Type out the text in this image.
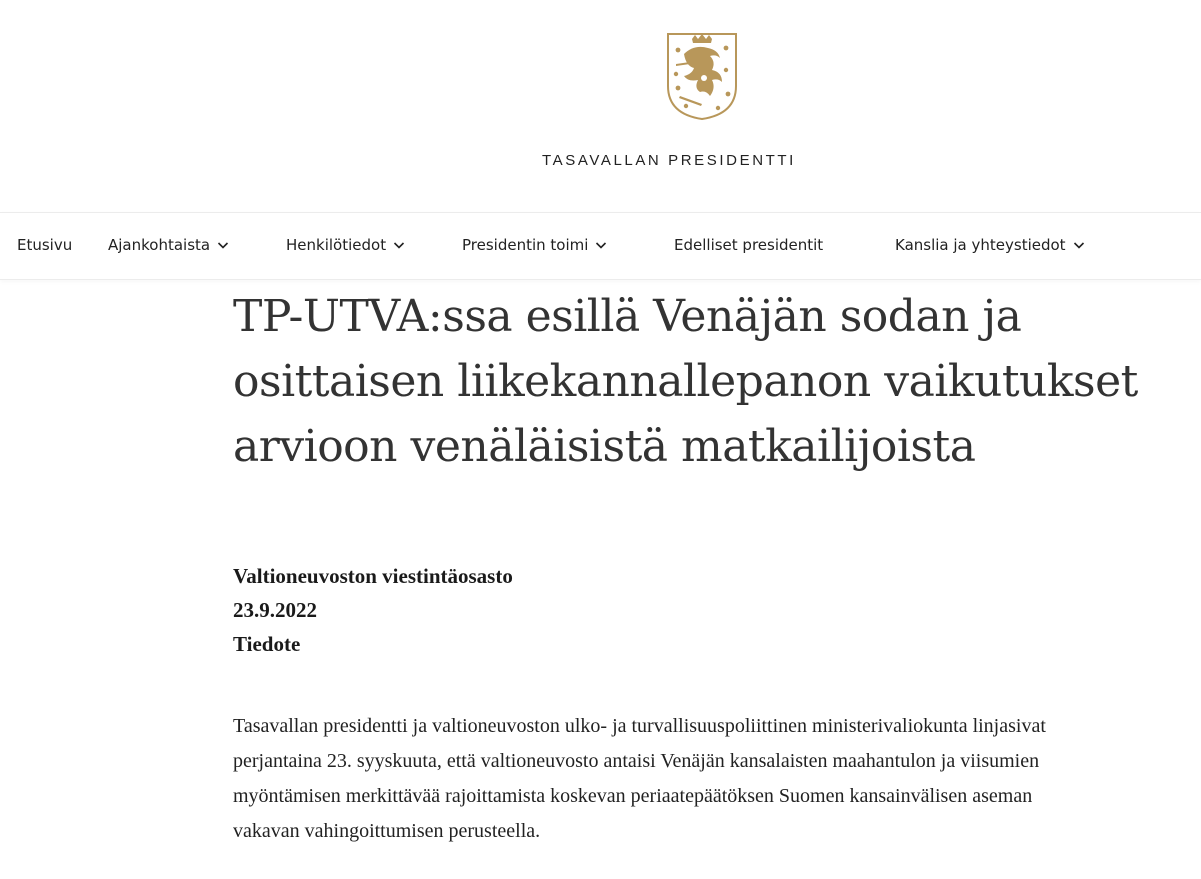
TASAVALLAN PRESIDENTTI
Etusivu Ajankohtaista	Henkilötiedot	Presidentin toimi	Edelliset presidentit	Kanslia ja yhteystiedot
TP-UTVA:ssa esillä Venäjän sodan ja
osittaisen liikekannallepanon vaikutukset
arvioon venäläisistä matkailijoista
Valtioneuvoston viestintäosasto
23.9.2022
Tiedote
Tasavallan presidentti ja valtioneuvoston ulko- ja turvallisuuspoliittinen ministerivaliokunta linjasivat
perjantaina 23. syyskuuta, että valtioneuvosto antaisi Venäjän kansalaisten maahantulon ja viisumien
myöntämisen merkittävää rajoittamista koskevan periaatepäätöksen Suomen kansainvälisen aseman
vakavan vahingoittumisen perusteella.
